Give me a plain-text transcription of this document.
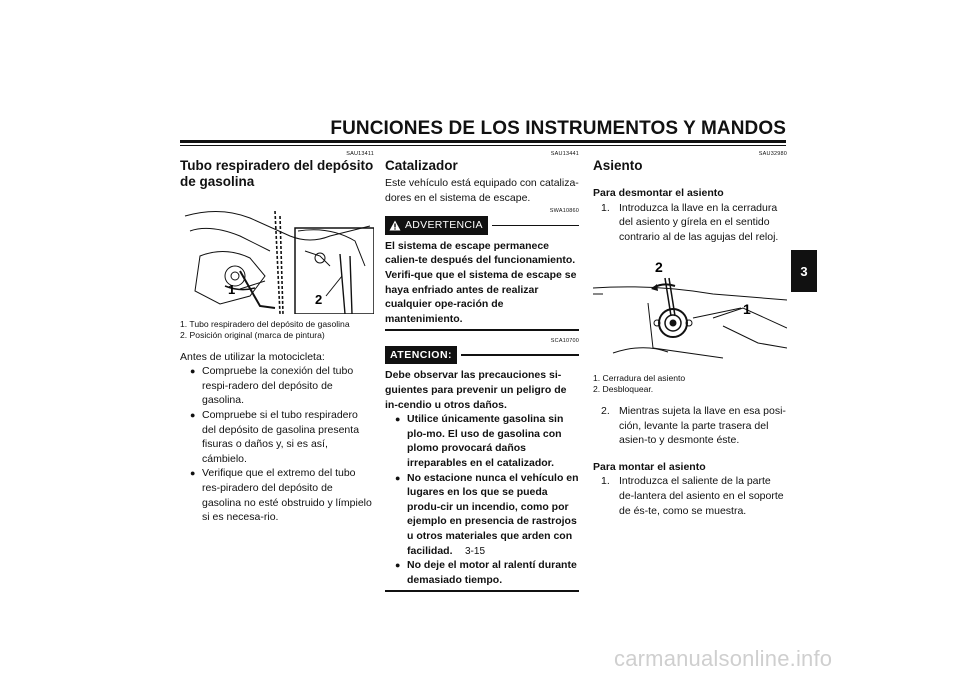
FUNCIONES DE LOS INSTRUMENTOS Y MANDOS
3
SAU13411
Tubo respiradero del depósito de gasolina
1
2
1. Tubo respiradero del depósito de gasolina
2. Posición original (marca de pintura)

Antes de utilizar la motocicleta:

● Compruebe la conexión del tubo respi-radero del depósito de gasolina.
● Compruebe si el tubo respiradero del depósito de gasolina presenta fisuras o daños y, si es así, cámbielo.
● Verifique que el extremo del tubo res-piradero del depósito de gasolina no esté obstruido y límpielo si es necesa-rio.
SAU13441
Catalizador

Este vehículo está equipado con cataliza-dores en el sistema de escape.

SWA10860
ADVERTENCIA

El sistema de escape permanece calien-te después del funcionamiento. Verifi-que que el sistema de escape se haya enfriado antes de realizar cualquier ope-ración de mantenimiento.

SCA10700
ATENCION:

Debe observar las precauciones si-guientes para prevenir un peligro de in-cendio u otros daños.

● Utilice únicamente gasolina sin plo-mo. El uso de gasolina con plomo provocará daños irreparables en el catalizador.
● No estacione nunca el vehículo en lugares en los que se pueda produ-cir un incendio, como por ejemplo en presencia de rastrojos u otros materiales que arden con facilidad.
● No deje el motor al ralentí durante demasiado tiempo.
SAU32980
Asiento
Para desmontar el asiento
1. Introduzca la llave en la cerradura del asiento y gírela en el sentido contrario al de las agujas del reloj.
2
1
1. Cerradura del asiento
2. Desbloquear.
2. Mientras sujeta la llave en esa posi-ción, levante la parte trasera del asien-to y desmonte éste.
Para montar el asiento
1. Introduzca el saliente de la parte de-lantera del asiento en el soporte de és-te, como se muestra.
3-15
carmanualsonline.info
